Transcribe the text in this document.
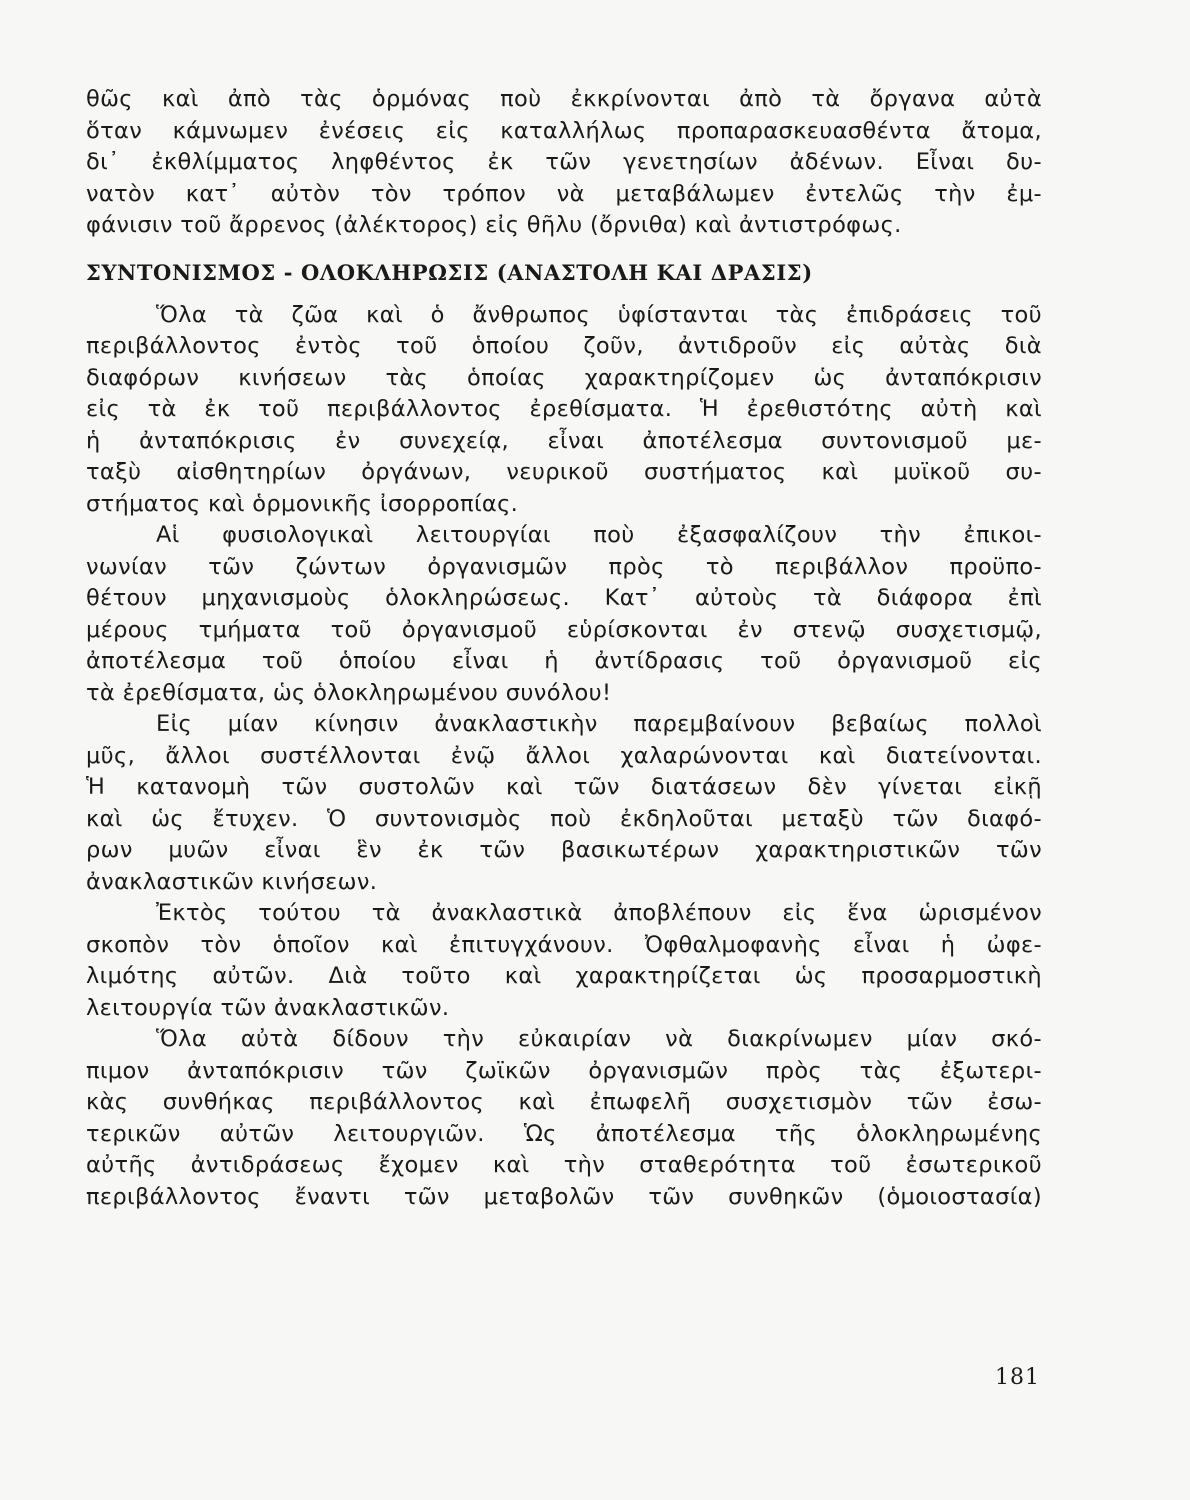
θῶς καὶ ἀπὸ τὰς ὁρμόνας ποὺ ἐκκρίνονται ἀπὸ τὰ ὄργανα αὐτὰ
ὅταν κάμνωμεν ἐνέσεις εἰς καταλλήλως προπαρασκευασθέντα ἄτομα,
δι᾽ ἐκθλίμματος ληφθέντος ἐκ τῶν γενετησίων ἀδένων. Εἶναι δυ-
νατὸν κατ᾽ αὐτὸν τὸν τρόπον νὰ μεταβάλωμεν ἐντελῶς τὴν ἐμ-
φάνισιν τοῦ ἄρρενος (ἀλέκτορος) εἰς θῆλυ (ὄρνιθα) καὶ ἀντιστρόφως.
ΣΥΝΤΟΝΙΣΜΟΣ - ΟΛΟΚΛΗΡΩΣΙΣ (ΑΝΑΣΤΟΛΗ ΚΑΙ ΔΡΑΣΙΣ)
Ὅλα τὰ ζῶα καὶ ὁ ἄνθρωπος ὑφίστανται τὰς ἐπιδράσεις τοῦ
περιβάλλοντος ἐντὸς τοῦ ὁποίου ζοῦν, ἀντιδροῦν εἰς αὐτὰς διὰ
διαφόρων κινήσεων τὰς ὁποίας χαρακτηρίζομεν ὡς ἀνταπόκρισιν
εἰς τὰ ἐκ τοῦ περιβάλλοντος ἐρεθίσματα. Ἡ ἐρεθιστότης αὐτὴ καὶ
ἡ ἀνταπόκρισις ἐν συνεχείᾳ, εἶναι ἀποτέλεσμα συντονισμοῦ με-
ταξὺ αἰσθητηρίων ὀργάνων, νευρικοῦ συστήματος καὶ μυϊκοῦ συ-
στήματος καὶ ὁρμονικῆς ἰσορροπίας.
Αἱ φυσιολογικαὶ λειτουργίαι ποὺ ἐξασφαλίζουν τὴν ἐπικοι-
νωνίαν τῶν ζώντων ὀργανισμῶν πρὸς τὸ περιβάλλον προϋπο-
θέτουν μηχανισμοὺς ὁλοκληρώσεως. Κατ᾽ αὐτοὺς τὰ διάφορα ἐπὶ
μέρους τμήματα τοῦ ὀργανισμοῦ εὑρίσκονται ἐν στενῷ συσχετισμῷ,
ἀποτέλεσμα τοῦ ὁποίου εἶναι ἡ ἀντίδρασις τοῦ ὀργανισμοῦ εἰς
τὰ ἐρεθίσματα, ὡς ὁλοκληρωμένου συνόλου!
Εἰς μίαν κίνησιν ἀνακλαστικὴν παρεμβαίνουν βεβαίως πολλοὶ
μῦς, ἄλλοι συστέλλονται ἐνῷ ἄλλοι χαλαρώνονται καὶ διατείνονται.
Ἡ κατανομὴ τῶν συστολῶν καὶ τῶν διατάσεων δὲν γίνεται εἰκῇ
καὶ ὡς ἔτυχεν. Ὁ συντονισμὸς ποὺ ἐκδηλοῦται μεταξὺ τῶν διαφό-
ρων μυῶν εἶναι ἓν ἐκ τῶν βασικωτέρων χαρακτηριστικῶν τῶν
ἀνακλαστικῶν κινήσεων.
Ἐκτὸς τούτου τὰ ἀνακλαστικὰ ἀποβλέπουν εἰς ἕνα ὡρισμένον
σκοπὸν τὸν ὁποῖον καὶ ἐπιτυγχάνουν. Ὀφθαλμοφανὴς εἶναι ἡ ὠφε-
λιμότης αὐτῶν. Διὰ τοῦτο καὶ χαρακτηρίζεται ὡς προσαρμοστικὴ
λειτουργία τῶν ἀνακλαστικῶν.
Ὅλα αὐτὰ δίδουν τὴν εὐκαιρίαν νὰ διακρίνωμεν μίαν σκό-
πιμον ἀνταπόκρισιν τῶν ζωϊκῶν ὀργανισμῶν πρὸς τὰς ἐξωτερι-
κὰς συνθήκας περιβάλλοντος καὶ ἐπωφελῆ συσχετισμὸν τῶν ἐσω-
τερικῶν αὐτῶν λειτουργιῶν. Ὡς ἀποτέλεσμα τῆς ὁλοκληρωμένης
αὐτῆς ἀντιδράσεως ἔχομεν καὶ τὴν σταθερότητα τοῦ ἐσωτερικοῦ
περιβάλλοντος ἔναντι τῶν μεταβολῶν τῶν συνθηκῶν (ὁμοιοστασία)
181
